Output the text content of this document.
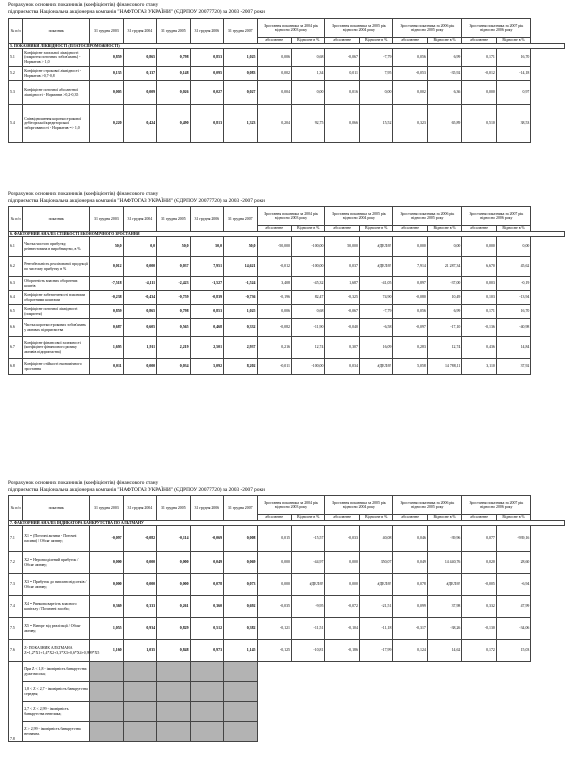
Розрахунок основних показників (коефіцієнтів) фінансового стану
підприємства Національна акціонерна компанія "НАФТОГАЗ УКРАЇНИ" (ЄДРПОУ 20077720) за 2003 -2007 роки
№ п/п	показник	31 грудня 2003	31 грудня 2004	31 грудня 2005	31 грудня 2006	31 грудня 2007	Зростання показника за 2004 рік відносно 2003 року		Зростання показника за 2005 рік відносно 2004 року		Зростання показника за 2006 рік відносно 2005 року		Зростання показника за 2007 рік відносно 2006 року	
							абсолютне	Відносне в %	абсолютне	Відносне в %	абсолютне	Відносне в %	абсолютне	Відносне в %
5. ПОКАЗНИКИ ЛІКВІДНОСТІ (ПЛАТОСПРОМОЖНОСТІ)														
5.1	Коефіцієнт загальної ліквідності (покриття поточних зобов'язань) - Норматив > 1,0	0,859	0,865	0,798	0,853	1,025	0,006	0,68	-0,067	-7,79	0,056	6,99	0,171	16,70
5.2	Коефіцієнт строкової ліквідності - Норматив >0,7-0,8	0,135	0,137	0,148	0,095	0,083	0,002	1,34	0,011	7,95	-0,053	-35,92	-0,012	-14,18
5.3	Коефіцієнт поточної абсолютної ліквідності - Норматив >0,2-0,35	0,005	0,009	0,026	0,027	0,027	0,004	0,00	0,016	0,00	0,002	6,36	0,000	0,97
5.4	Співвідношення короткострокової дебіторської\кредиторської заборгованості - Норматив => 1,0	0,220	0,424	0,490	0,813	1,323	0,204	92,75	0,066	15,52	0,323	65,89	0,510	38,53
Розрахунок основних показників (коефіцієнтів) фінансового стану
підприємства Національна акціонерна компанія "НАФТОГАЗ УКРАЇНИ" (ЄДРПОУ 20077720) за 2003 -2007 роки
№ п/п	показник	31 грудня 2003	31 грудня 2004	31 грудня 2005	31 грудня 2006	31 грудня 2007	Зростання показника за 2004 рік відносно 2003 року		Зростання показника за 2005 рік відносно 2004 року		Зростання показника за 2006 рік відносно 2005 року		Зростання показника за 2007 рік відносно 2006 року	
							абсолютне	Відносне в %	абсолютне	Відносне в %	абсолютне	Відносне в %	абсолютне	Відносне в %
6. ФАКТОРНИЙ АНАЛІЗ СТІЙКОСТІ ЕКОНОМІЧНОГО ЗРОСТАННЯ														
6.1	Частка чистого прибутку, реінвестована в виробництво, в %	50,0	0,0	50,0	50,0	50,0	-50,000	-100,00	50,000	#ДЕЛ/0!	0,000	0,00	0,000	0,00
6.2	Рентабельність реалізованої продукції по чистому прибутку в %	0,012	0,000	0,037	7,951	14,621	-0,012	-100,00	0,037	#ДЕЛ/0!	7,914	21 287,34	6,670	45,62
6.3	Оборотність власних оборотних коштів	-7,518	-4,111	-2,423	-1,527	-1,524	3,408	-45,32	1,687	-41,05	0,897	-37,00	0,003	-0,19
6.4	Коефіцієнт забезпеченості власними оборотними коштами	-0,238	-0,434	-0,759	-0,839	-0,736	-0,196	82,47	-0,325	74,90	-0,080	10,49	0,103	-13,94
6.5	Коефіцієнт поточної ліквідності (покриття)	0,859	0,865	0,798	0,853	1,025	0,006	0,68	-0,067	-7,79	0,056	6,99	0,171	16,70
6.6	Частка короткострокових зобов'язань у активах підприємства	0,687	0,605	0,565	0,468	0,332	-0,082	-11,90	-0,040	-6,58	-0,097	-17,10	-0,136	-40,98
6.7	Коефіцієнт фінансової залежності (коефіцієнт фінансового ризику активів підприємства)	1,695	1,911	2,219	2,501	2,937	0,216	12,74	0,307	16,09	0,283	12,74	0,436	14,84
6.8	Коефіцієнт стійкості економічного зростання	0,011	0,000	0,034	5,092	8,202	-0,011	-100,00	0,034	#ДЕЛ/0!	5,058	14 788,11	3,110	37,92
Розрахунок основних показників (коефіцієнтів) фінансового стану
підприємства Національна акціонерна компанія "НАФТОГАЗ УКРАЇНИ" (ЄДРПОУ 20077720) за 2003 -2007 роки
№ п/п	показник	31 грудня 2003	31 грудня 2004	31 грудня 2005	31 грудня 2006	31 грудня 2007	Зростання показника за 2004 рік відносно 2003 року		Зростання показника за 2005 рік відносно 2004 року		Зростання показника за 2006 рік відносно 2005 року		Зростання показника за 2007 рік відносно 2006 року	
							абсолютне	Відносне в %	абсолютне	Відносне в %	абсолютне	Відносне в %	абсолютне	Відносне в %
7. ФАКТОРНИЙ АНАЛІЗ ІНДИКАТОРА БАНКРУТСТВА ПО АЛЬТМАНУ														
7.1	X1 = (Поточні активи - Поточні пасиви) / Обсяг активу;	-0,097	-0,082	-0,114	-0,069	0,008	0,015	-15,57	-0,033	40,08	0,046	-39,96	0,077	-939,16
7.2	X2 = Нерозподілений прибуток / Обсяг активу;	0,000	0,000	0,000	0,049	0,069	0,000	-44,97	0,000	350,07	0,049	14 440,76	0,020	28,60
7.3	X3 = Прибуток до виплати відсотків / Обсяг активу;	0,000	0,000	0,000	0,078	0,073	0,000	#ДЕЛ/0!	0,000	#ДЕЛ/0!	0,078	#ДЕЛ/0!	-0,005	-6,94
7.4	X4 = Ринкова вартість власного капіталу / Позичені засоби;	0,369	0,333	0,261	0,360	0,692	-0,035	-9,95	-0,072	-21,51	0,099	37,98	0,332	47,99
7.5	X5 = Виторг від реалізації / Обсяг активу;	1,055	0,934	0,829	0,512	0,382	-0,121	-11,51	-0,104	-11,18	-0,317	-38,26	-0,130	-34,06
7.6	Z- ПОКАЗНИК АЛЬТМАНА Z=1,2*X1+1,4*X2+3,3*X3+0,6*X4+0,999*X5	1,160	1,035	0,848	0,973	1,145	-0,125	-10,81	-0,186	-17,99	0,124	14,62	0,172	15,03
7.8	При Z < 1,8 - імовірність банкрутства дуже висока;													
	1,8 < Z < 2,7 - імовірність банкрутства середня;													
	2,7 < Z < 2,99 - імовірність банкрутства невелика;													
	Z > 2,99 - імовірність банкрутства незначна.													
